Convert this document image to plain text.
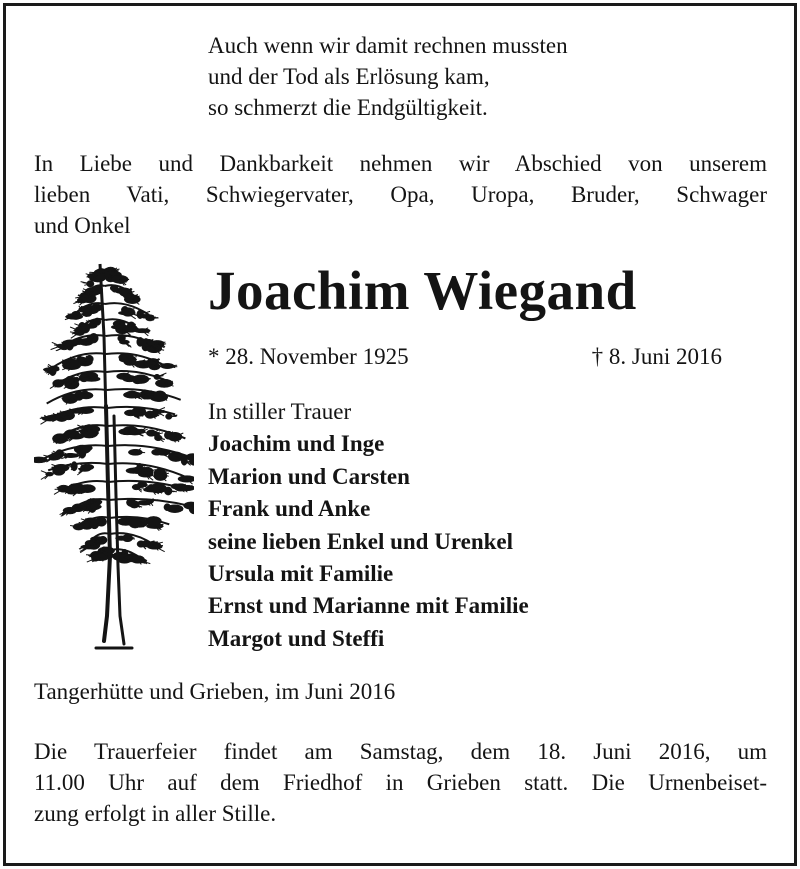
Auch wenn wir damit rechnen mussten
und der Tod als Erlösung kam,
so schmerzt die Endgültigkeit.
In Liebe und Dankbarkeit nehmen wir Abschied von unserem
lieben Vati, Schwiegervater, Opa, Uropa, Bruder, Schwager
und Onkel
Joachim Wiegand
* 28. November 1925	† 8. Juni 2016
In stiller Trauer
Joachim und Inge
Marion und Carsten
Frank und Anke
seine lieben Enkel und Urenkel
Ursula mit Familie
Ernst und Marianne mit Familie
Margot und Steffi
Tangerhütte und Grieben, im Juni 2016
Die Trauerfeier findet am Samstag, dem 18. Juni 2016, um
11.00 Uhr auf dem Friedhof in Grieben statt. Die Urnenbeiset-
zung erfolgt in aller Stille.
